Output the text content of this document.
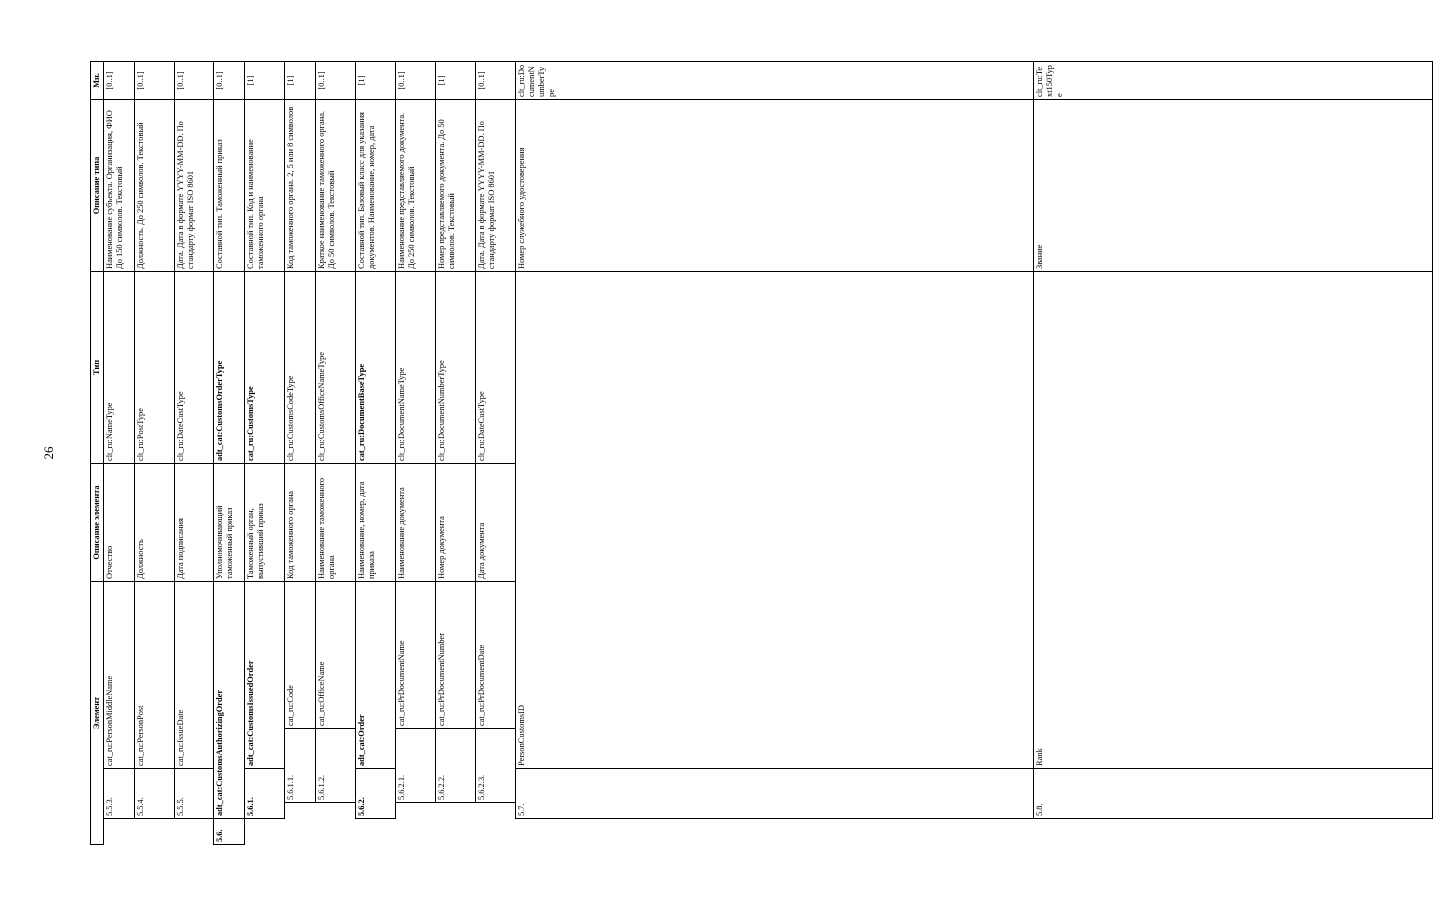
26
Элемент					Описание элемента	Тип	Описание типа	Мн.	
	5.5.3.		cat_ru:PersonMiddleName		Отчество	clt_ru:NameType	Наименование субъекта. Организация, ФИО До 150 символов. Текстовый	[0..1]	
	5.5.4.		cat_ru:PersonPost		Должность	clt_ru:PostType	Должность. До 250 символов. Текстовый	[0..1]	
	5.5.5.		cat_ru:IssueDate		Дата подписания	clt_ru:DateCustType	Дата. Дата в формате YYYY-MM-DD. По стандарту формат ISO 8601	[0..1]	
5.6.	adt_cat:CustomsAuthorizingOrder				Уполномочивающий таможенный приказ	adt_cat:CustomsOrderType	Составной тип. Таможенный приказ	[0..1]	
	5.6.1.		adt_cat:CustomsIssuedOrder		Таможенный орган, выпустивший приказ	cat_ru:CustomsType	Составной тип. Код и наименование таможенного органа	[1]	
		5.6.1.1.		cat_ru:Code	Код таможенного органа	clt_ru:CustomsCodeType	Код таможенного органа. 2, 5 или 8 символов	[1]	
		5.6.1.2.		cat_ru:OfficeName	Наименование таможенного органа	clt_ru:CustomsOfficeNameType	Краткое наименование таможенного органа. До 50 символов. Текстовый	[0..1]	
	5.6.2.		adt_cat:Order		Наименование, номер, дата приказа	cat_ru:DocumentBaseType	Составной тип. Базовый класс для указания документов. Наименование, номер, дата	[1]	
		5.6.2.1.		cat_ru:PrDocumentName	Наименование документа	clt_ru:DocumentNameType	Наименование представляемого документа. До 250 символов. Текстовый	[0..1]	
		5.6.2.2.		cat_ru:PrDocumentNumber	Номер документа	clt_ru:DocumentNumberType	Номер представляемого документа. До 50 символов. Текстовый	[1]	
		5.6.2.3.		cat_ru:PrDocumentDate	Дата документа	clt_ru:DateCustType	Дата. Дата в формате YYYY-MM-DD. По стандарту формат ISO 8601	[0..1]	
	5.7.		PersonCustomsID				Номер служебного удостоверения	clt_ru:DocumentNumberType		
	5.8.		Rank				Звание	clt_ru:Text150Type		
